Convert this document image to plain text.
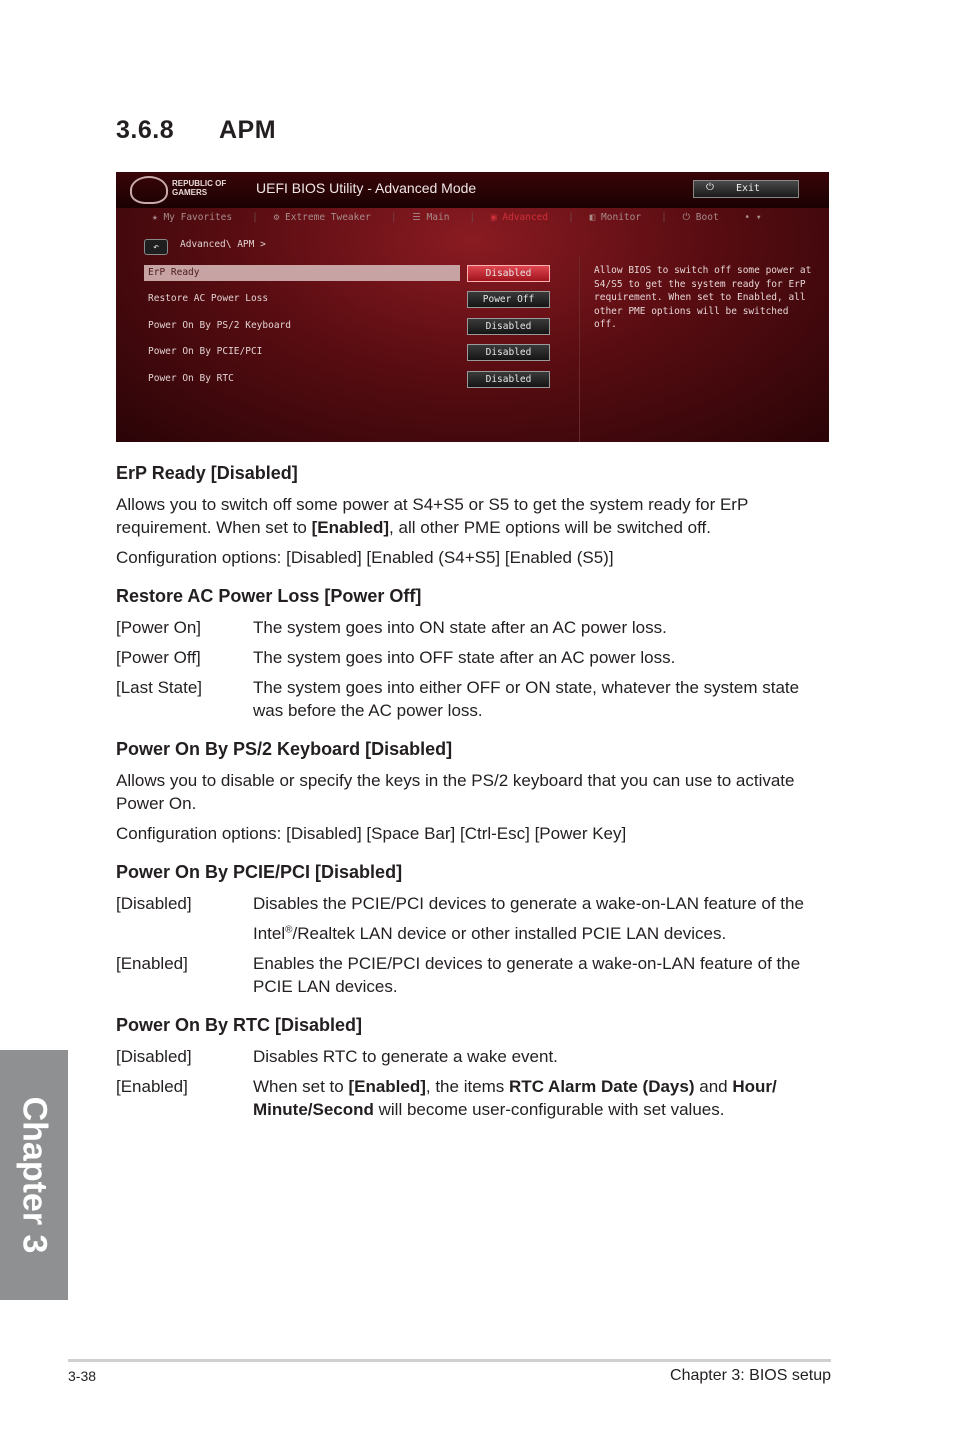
3.6.8 APM
REPUBLIC OF
GAMERS	UEFI BIOS Utility - Advanced Mode	⏻ Exit
★ My Favorites | ⚙ Extreme Tweaker | ☰ Main | ▣ Advanced | ◧ Monitor | ⏻ Boot	• ▾
↶	Advanced\ APM >
ErP Ready	Disabled
Restore AC Power Loss	Power Off
Power On By PS/2 Keyboard	Disabled
Power On By PCIE/PCI	Disabled
Power On By RTC	Disabled
Allow BIOS to switch off some power at S4/S5 to get the system ready for ErP requirement. When set to Enabled, all other PME options will be switched off.
ErP Ready [Disabled]
Allows you to switch off some power at S4+S5 or S5 to get the system ready for ErP requirement. When set to [Enabled], all other PME options will be switched off.
Configuration options: [Disabled] [Enabled (S4+S5] [Enabled (S5)]
Restore AC Power Loss [Power Off]
[Power On]	The system goes into ON state after an AC power loss.
[Power Off]	The system goes into OFF state after an AC power loss.
[Last State]	The system goes into either OFF or ON state, whatever the system state was before the AC power loss.
Power On By PS/2 Keyboard [Disabled]
Allows you to disable or specify the keys in the PS/2 keyboard that you can use to activate Power On.
Configuration options: [Disabled] [Space Bar] [Ctrl-Esc] [Power Key]
Power On By PCIE/PCI [Disabled]
[Disabled]	Disables the PCIE/PCI devices to generate a wake-on-LAN feature of the
Intel®/Realtek LAN device or other installed PCIE LAN devices.
[Enabled]	Enables the PCIE/PCI devices to generate a wake-on-LAN feature of the PCIE LAN devices.
Power On By RTC [Disabled]
[Disabled]	Disables RTC to generate a wake event.
[Enabled]	When set to [Enabled], the items RTC Alarm Date (Days) and Hour/ Minute/Second will become user-configurable with set values.
Chapter 3
3-38	Chapter 3: BIOS setup
